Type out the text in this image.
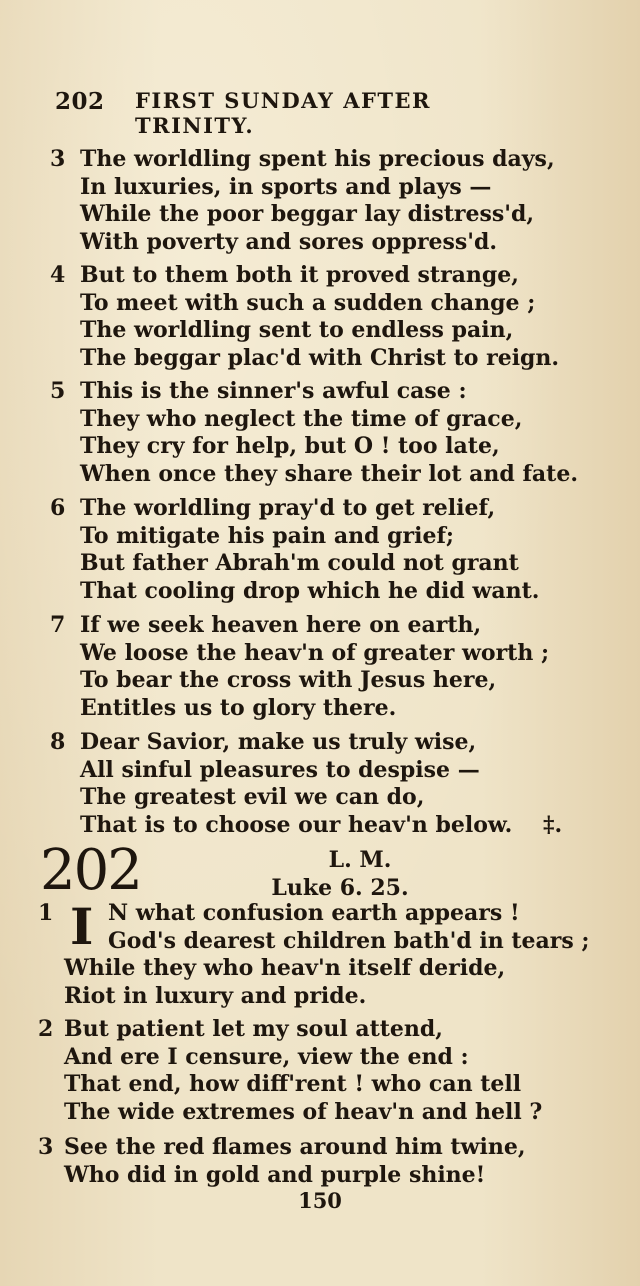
202 FIRST SUNDAY AFTER TRINITY.
3 The worldling spent his precious days,
In luxuries, in sports and plays —
While the poor beggar lay distress'd,
With poverty and sores oppress'd.
4 But to them both it proved strange,
To meet with such a sudden change ;
The worldling sent to endless pain,
The beggar plac'd with Christ to reign.
5 This is the sinner's awful case :
They who neglect the time of grace,
They cry for help, but O ! too late,
When once they share their lot and fate.
6 The worldling pray'd to get relief,
To mitigate his pain and grief;
But father Abrah'm could not grant
That cooling drop which he did want.
7 If we seek heaven here on earth,
We loose the heav'n of greater worth ;
To bear the cross with Jesus here,
Entitles us to glory there.
8 Dear Savior, make us truly wise,
All sinful pleasures to despise —
The greatest evil we can do,
That is to choose our heav'n below. ‡.
202	L. M.
Luke 6. 25.
1 I N what confusion earth appears !
God's dearest children bath'd in tears ;
While they who heav'n itself deride,
Riot in luxury and pride.
2 But patient let my soul attend,
And ere I censure, view the end :
That end, how diff'rent ! who can tell
The wide extremes of heav'n and hell ?
3 See the red flames around him twine,
Who did in gold and purple shine!
150
